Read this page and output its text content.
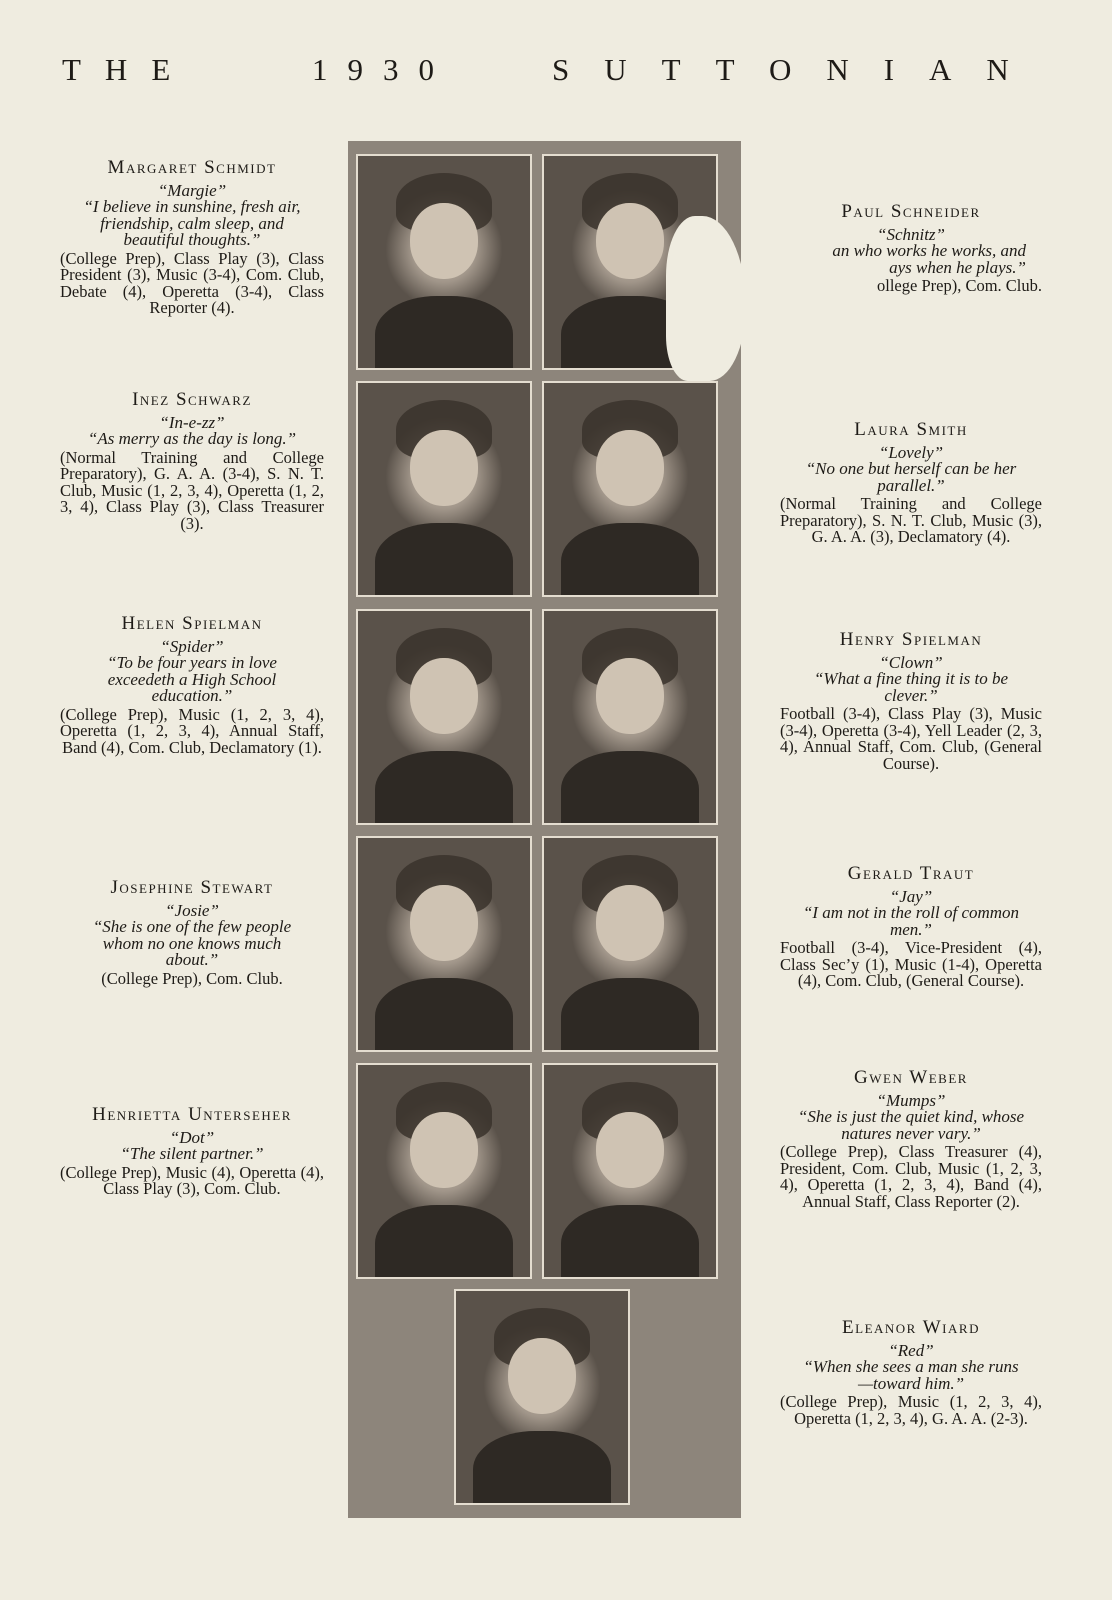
THE	1930	SUTTONIAN
Margaret Schmidt
“Margie”
“I believe in sunshine, fresh air, friendship, calm sleep, and beautiful thoughts.”
(College Prep), Class Play (3), Class President (3), Music (3-4), Com. Club, Debate (4), Operetta (3-4), Class Reporter (4).
Inez Schwarz
“In-e-zz”
“As merry as the day is long.”
(Normal Training and College Preparatory), G. A. A. (3-4), S. N. T. Club, Music (1, 2, 3, 4), Operetta (1, 2, 3, 4), Class Play (3), Class Treasurer (3).
Helen Spielman
“Spider”
“To be four years in love exceedeth a High School education.”
(College Prep), Music (1, 2, 3, 4), Operetta (1, 2, 3, 4), Annual Staff, Band (4), Com. Club, Declamatory (1).
Josephine Stewart
“Josie”
“She is one of the few people whom no one knows much about.”
(College Prep), Com. Club.
Henrietta Unterseher
“Dot”
“The silent partner.”
(College Prep), Music (4), Operetta (4), Class Play (3), Com. Club.
Paul Schneider
“Schnitz”
an who works he works, and ays when he plays.”
ollege Prep), Com. Club.
Laura Smith
“Lovely”
“No one but herself can be her parallel.”
(Normal Training and College Preparatory), S. N. T. Club, Music (3), G. A. A. (3), Declamatory (4).
Henry Spielman
“Clown”
“What a fine thing it is to be clever.”
Football (3-4), Class Play (3), Music (3-4), Operetta (3-4), Yell Leader (2, 3, 4), Annual Staff, Com. Club, (General Course).
Gerald Traut
“Jay”
“I am not in the roll of common men.”
Football (3-4), Vice-President (4), Class Sec’y (1), Music (1-4), Operetta (4), Com. Club, (General Course).
Gwen Weber
“Mumps”
“She is just the quiet kind, whose natures never vary.”
(College Prep), Class Treasurer (4), President, Com. Club, Music (1, 2, 3, 4), Operetta (1, 2, 3, 4), Band (4), Annual Staff, Class Reporter (2).
Eleanor Wiard
“Red”
“When she sees a man she runs—toward him.”
(College Prep), Music (1, 2, 3, 4), Operetta (1, 2, 3, 4), G. A. A. (2-3).
